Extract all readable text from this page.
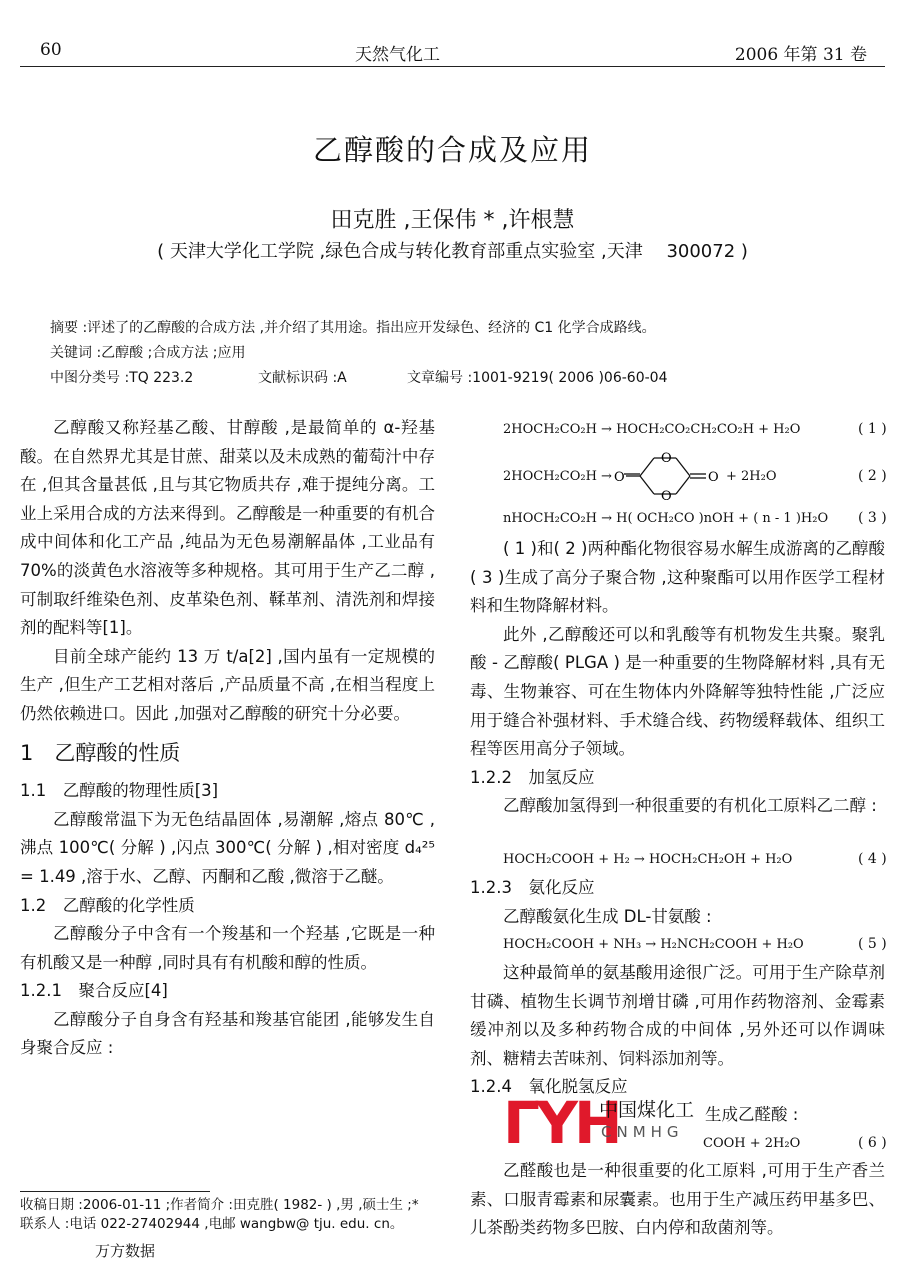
60	天然气化工	2006 年第 31 卷
乙醇酸的合成及应用
田克胜 ,王保伟 * ,许根慧
( 天津大学化工学院 ,绿色合成与转化教育部重点实验室 ,天津　 300072 )
摘要 :评述了的乙醇酸的合成方法 ,并介绍了其用途。指出应开发绿色、经济的 C1 化学合成路线。
关键词 :乙醇酸 ;合成方法 ;应用
中图分类号 :TQ 223.2	文献标识码 :A	文章编号 :1001-9219( 2006 )06-60-04

乙醇酸又称羟基乙酸、甘醇酸 ,是最简单的 α-羟基酸。在自然界尤其是甘蔗、甜菜以及未成熟的葡萄汁中存在 ,但其含量甚低 ,且与其它物质共存 ,难于提纯分离。工业上采用合成的方法来得到。乙醇酸是一种重要的有机合成中间体和化工产品 ,纯品为无色易潮解晶体 ,工业品有 70%的淡黄色水溶液等多种规格。其可用于生产乙二醇 ,可制取纤维染色剂、皮革染色剂、鞣革剂、清洗剂和焊接剂的配料等[1]。

目前全球产能约 13 万 t/a[2] ,国内虽有一定规模的生产 ,但生产工艺相对落后 ,产品质量不高 ,在相当程度上仍然依赖进口。因此 ,加强对乙醇酸的研究十分必要。

1　乙醇酸的性质
1.1　乙醇酸的物理性质[3]

乙醇酸常温下为无色结晶固体 ,易潮解 ,熔点 80℃ ,沸点 100℃( 分解 ) ,闪点 300℃( 分解 ) ,相对密度 d₄²⁵ = 1.49 ,溶于水、乙醇、丙酮和乙酸 ,微溶于乙醚。

1.2　乙醇酸的化学性质

乙醇酸分子中含有一个羧基和一个羟基 ,它既是一种有机酸又是一种醇 ,同时具有有机酸和醇的性质。

1.2.1　聚合反应[4]

乙醇酸分子自身含有羟基和羧基官能团 ,能够发生自身聚合反应 :

收稿日期 :2006-01-11 ;作者简介 :田克胜( 1982- ) ,男 ,硕士生 ;* 联系人 :电话 022-27402944 ,电邮 wangbw@ tju. edu. cn。
万方数据
2HOCH₂CO₂H → HOCH₂CO₂CH₂CO₂H + H₂O	( 1 )
2HOCH₂CO₂H → O
O
O
O + 2H₂O	( 2 )
nHOCH₂CO₂H → H( OCH₂CO )nOH + ( n - 1 )H₂O ( 3 )

( 1 )和( 2 )两种酯化物很容易水解生成游离的乙醇酸 ( 3 )生成了高分子聚合物 ,这种聚酯可以用作医学工程材料和生物降解材料。

此外 ,乙醇酸还可以和乳酸等有机物发生共聚。聚乳酸 - 乙醇酸( PLGA ) 是一种重要的生物降解材料 ,具有无毒、生物兼容、可在生物体内外降解等独特性能 ,广泛应用于缝合补强材料、手术缝合线、药物缓释载体、组织工程等医用高分子领域。

1.2.2　加氢反应

乙醇酸加氢得到一种很重要的有机化工原料乙二醇 :

HOCH₂COOH + H₂ → HOCH₂CH₂OH + H₂O	( 4 )
1.2.3　氨化反应

乙醇酸氨化生成 DL-甘氨酸 :

HOCH₂COOH + NH₃ → H₂NCH₂COOH + H₂O	( 5 )

这种最简单的氨基酸用途很广泛。可用于生产除草剂甘磷、植物生长调节剂增甘磷 ,可用作药物溶剂、金霉素缓冲剂以及多种药物合成的中间体 ,另外还可以作调味剂、糖精去苦味剂、饲料添加剂等。

1.2.4　氧化脱氢反应
生成乙醛酸 :
COOH + 2H₂O	( 6 )

乙醛酸也是一种很重要的化工原料 ,可用于生产香兰素、口服青霉素和尿囊素。也用于生产减压药甲基多巴、儿茶酚类药物多巴胺、白内停和敌菌剂等。

ΓΥH
中国煤化工
CNMHG
